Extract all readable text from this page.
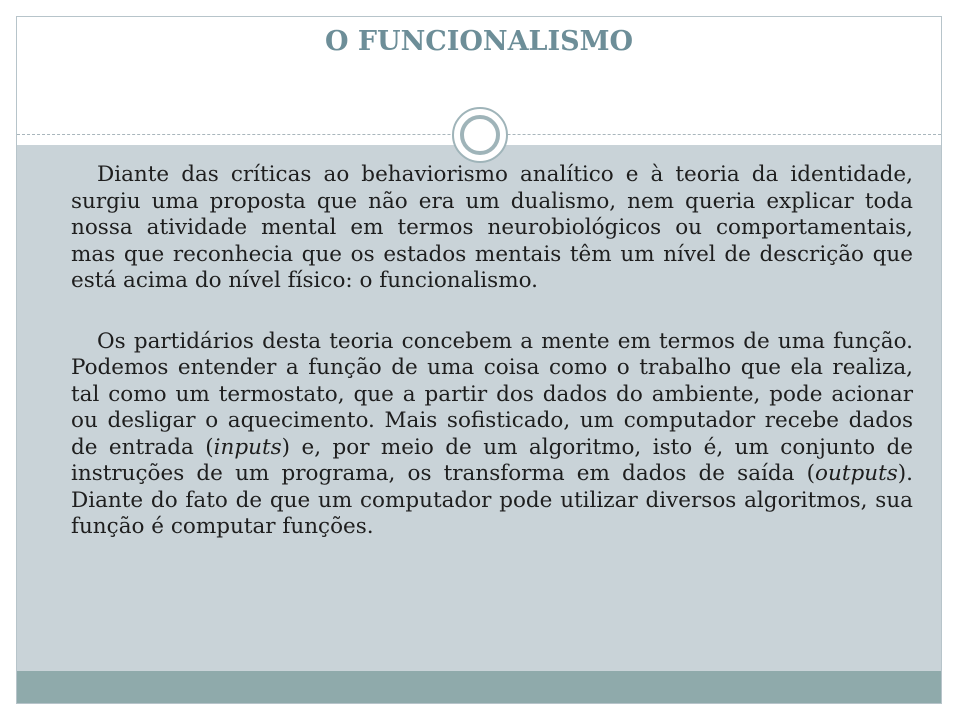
O FUNCIONALISMO

Diante das críticas ao behaviorismo analítico e à teoria da identidade, surgiu uma proposta que não era um dualismo, nem queria explicar toda nossa atividade mental em termos neurobiológicos ou comportamentais, mas que reconhecia que os estados mentais têm um nível de descrição que está acima do nível físico: o funcionalismo.

Os partidários desta teoria concebem a mente em termos de uma função. Podemos entender a função de uma coisa como o trabalho que ela realiza, tal como um termostato, que a partir dos dados do ambiente, pode acionar ou desligar o aquecimento. Mais sofisticado, um computador recebe dados de entrada (inputs) e, por meio de um algoritmo, isto é, um conjunto de instruções de um programa, os transforma em dados de saída (outputs). Diante do fato de que um computador pode utilizar diversos algoritmos, sua função é computar funções.
